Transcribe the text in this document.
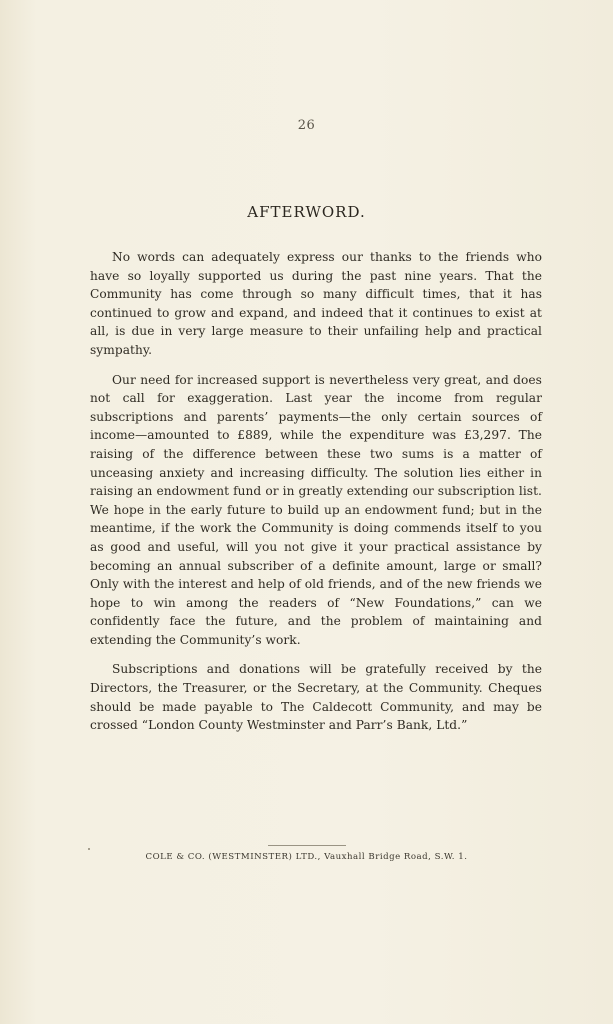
26
AFTERWORD.

No words can adequately express our thanks to the friends who have so loyally supported us during the past nine years. That the Community has come through so many difficult times, that it has continued to grow and expand, and indeed that it continues to exist at all, is due in very large measure to their unfailing help and practical sympathy.

Our need for increased support is nevertheless very great, and does not call for exaggeration. Last year the income from regular subscriptions and parents’ payments—the only certain sources of income—amounted to £889, while the expenditure was £3,297. The raising of the difference between these two sums is a matter of unceasing anxiety and increasing difficulty. The solution lies either in raising an endowment fund or in greatly extending our subscription list. We hope in the early future to build up an endowment fund; but in the meantime, if the work the Community is doing commends itself to you as good and useful, will you not give it your practical assistance by becoming an annual subscriber of a definite amount, large or small? Only with the interest and help of old friends, and of the new friends we hope to win among the readers of “New Foundations,” can we confidently face the future, and the problem of maintaining and extending the Community’s work.

Subscriptions and donations will be gratefully received by the Directors, the Treasurer, or the Secretary, at the Community. Cheques should be made payable to The Caldecott Community, and may be crossed “London County Westminster and Parr’s Bank, Ltd.”

COLE & CO. (WESTMINSTER) LTD., Vauxhall Bridge Road, S.W. 1.
